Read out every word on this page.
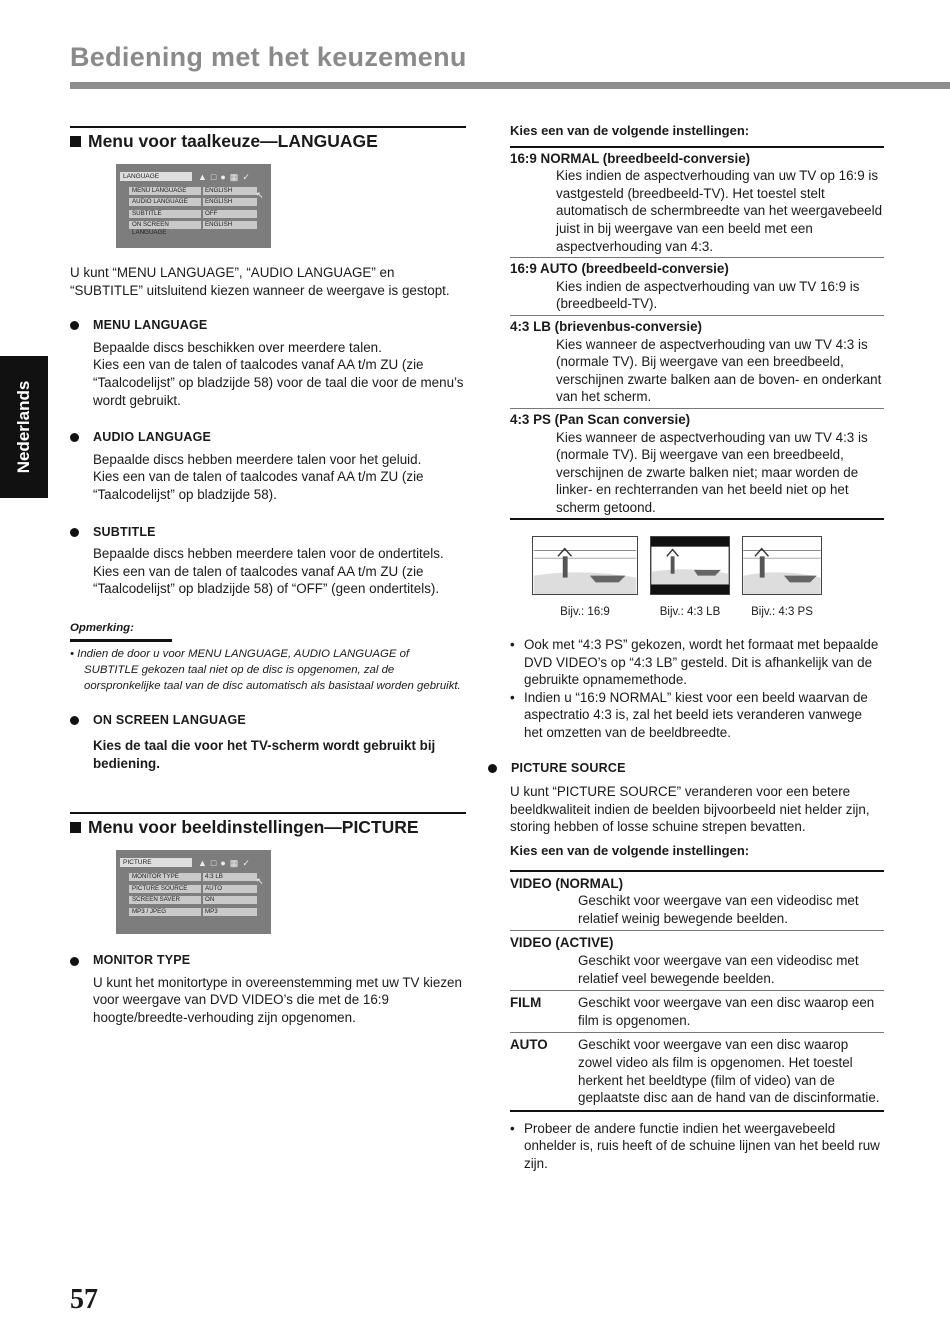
Bediening met het keuzemenu
Nederlands
Menu voor taalkeuze—LANGUAGE
LANGUAGE	▲ □ ● ▦ ✓
MENU LANGUAGE	ENGLISH
AUDIO LANGUAGE	ENGLISH
SUBTITLE	OFF
ON SCREEN LANGUAGE
ENGLISH
↖

U kunt “MENU LANGUAGE”, “AUDIO LANGUAGE” en “SUBTITLE” uitsluitend kiezen wanneer de weergave is gestopt.

MENU LANGUAGE

Bepaalde discs beschikken over meerdere talen.
Kies een van de talen of taalcodes vanaf AA t/m ZU (zie “Taalcodelijst” op bladzijde 58) voor de taal die voor de menu’s wordt gebruikt.

AUDIO LANGUAGE

Bepaalde discs hebben meerdere talen voor het geluid.
Kies een van de talen of taalcodes vanaf AA t/m ZU (zie “Taalcodelijst” op bladzijde 58).

SUBTITLE

Bepaalde discs hebben meerdere talen voor de ondertitels.
Kies een van de talen of taalcodes vanaf AA t/m ZU (zie “Taalcodelijst” op bladzijde 58) of “OFF” (geen ondertitels).

Opmerking:

• Indien de door u voor MENU LANGUAGE, AUDIO LANGUAGE of SUBTITLE gekozen taal niet op de disc is opgenomen, zal de oorspronkelijke taal van de disc automatisch als basistaal worden gebruikt.

ON SCREEN LANGUAGE

Kies de taal die voor het TV-scherm wordt gebruikt bij bediening.

Menu voor beeldinstellingen—PICTURE
PICTURE	▲ □ ● ▦ ✓
MONITOR TYPE	4:3 LB
PICTURE SOURCE	AUTO
SCREEN SAVER	ON
MP3 / JPEG	MP3
↖
MONITOR TYPE

U kunt het monitortype in overeenstemming met uw TV kiezen voor weergave van DVD VIDEO’s die met de 16:9 hoogte/breedte-verhouding zijn opgenomen.

Kies een van de volgende instellingen:
16:9 NORMAL (breedbeeld-conversie)
Kies indien de aspectverhouding van uw TV op 16:9 is vastgesteld (breedbeeld-TV). Het toestel stelt automatisch de schermbreedte van het weergavebeeld juist in bij weergave van een beeld met een aspectverhouding van 4:3.
16:9 AUTO (breedbeeld-conversie)
Kies indien de aspectverhouding van uw TV 16:9 is (breedbeeld-TV).
4:3 LB (brievenbus-conversie)
Kies wanneer de aspectverhouding van uw TV 4:3 is (normale TV). Bij weergave van een breedbeeld, verschijnen zwarte balken aan de boven- en onderkant van het scherm.
4:3 PS (Pan Scan conversie)
Kies wanneer de aspectverhouding van uw TV 4:3 is (normale TV). Bij weergave van een breedbeeld, verschijnen de zwarte balken niet; maar worden de linker- en rechterranden van het beeld niet op het scherm getoond.
Bijv.: 16:9	Bijv.: 4:3 LB	Bijv.: 4:3 PS
• Ook met “4:3 PS” gekozen, wordt het formaat met bepaalde DVD VIDEO’s op “4:3 LB” gesteld. Dit is afhankelijk van de gebruikte opnamemethode.
• Indien u “16:9 NORMAL” kiest voor een beeld waarvan de aspectratio 4:3 is, zal het beeld iets veranderen vanwege het omzetten van de beeldbreedte.
PICTURE SOURCE

U kunt “PICTURE SOURCE” veranderen voor een betere beeldkwaliteit indien de beelden bijvoorbeeld niet helder zijn, storing hebben of losse schuine strepen bevatten.

Kies een van de volgende instellingen:
VIDEO (NORMAL)
Geschikt voor weergave van een videodisc met relatief weinig bewegende beelden.
VIDEO (ACTIVE)
Geschikt voor weergave van een videodisc met relatief veel bewegende beelden.
FILM	Geschikt voor weergave van een disc waarop een film is opgenomen.
AUTO	Geschikt voor weergave van een disc waarop zowel video als film is opgenomen. Het toestel herkent het beeldtype (film of video) van de geplaatste disc aan de hand van de discinformatie.
• Probeer de andere functie indien het weergavebeeld onhelder is, ruis heeft of de schuine lijnen van het beeld ruw zijn.
57
